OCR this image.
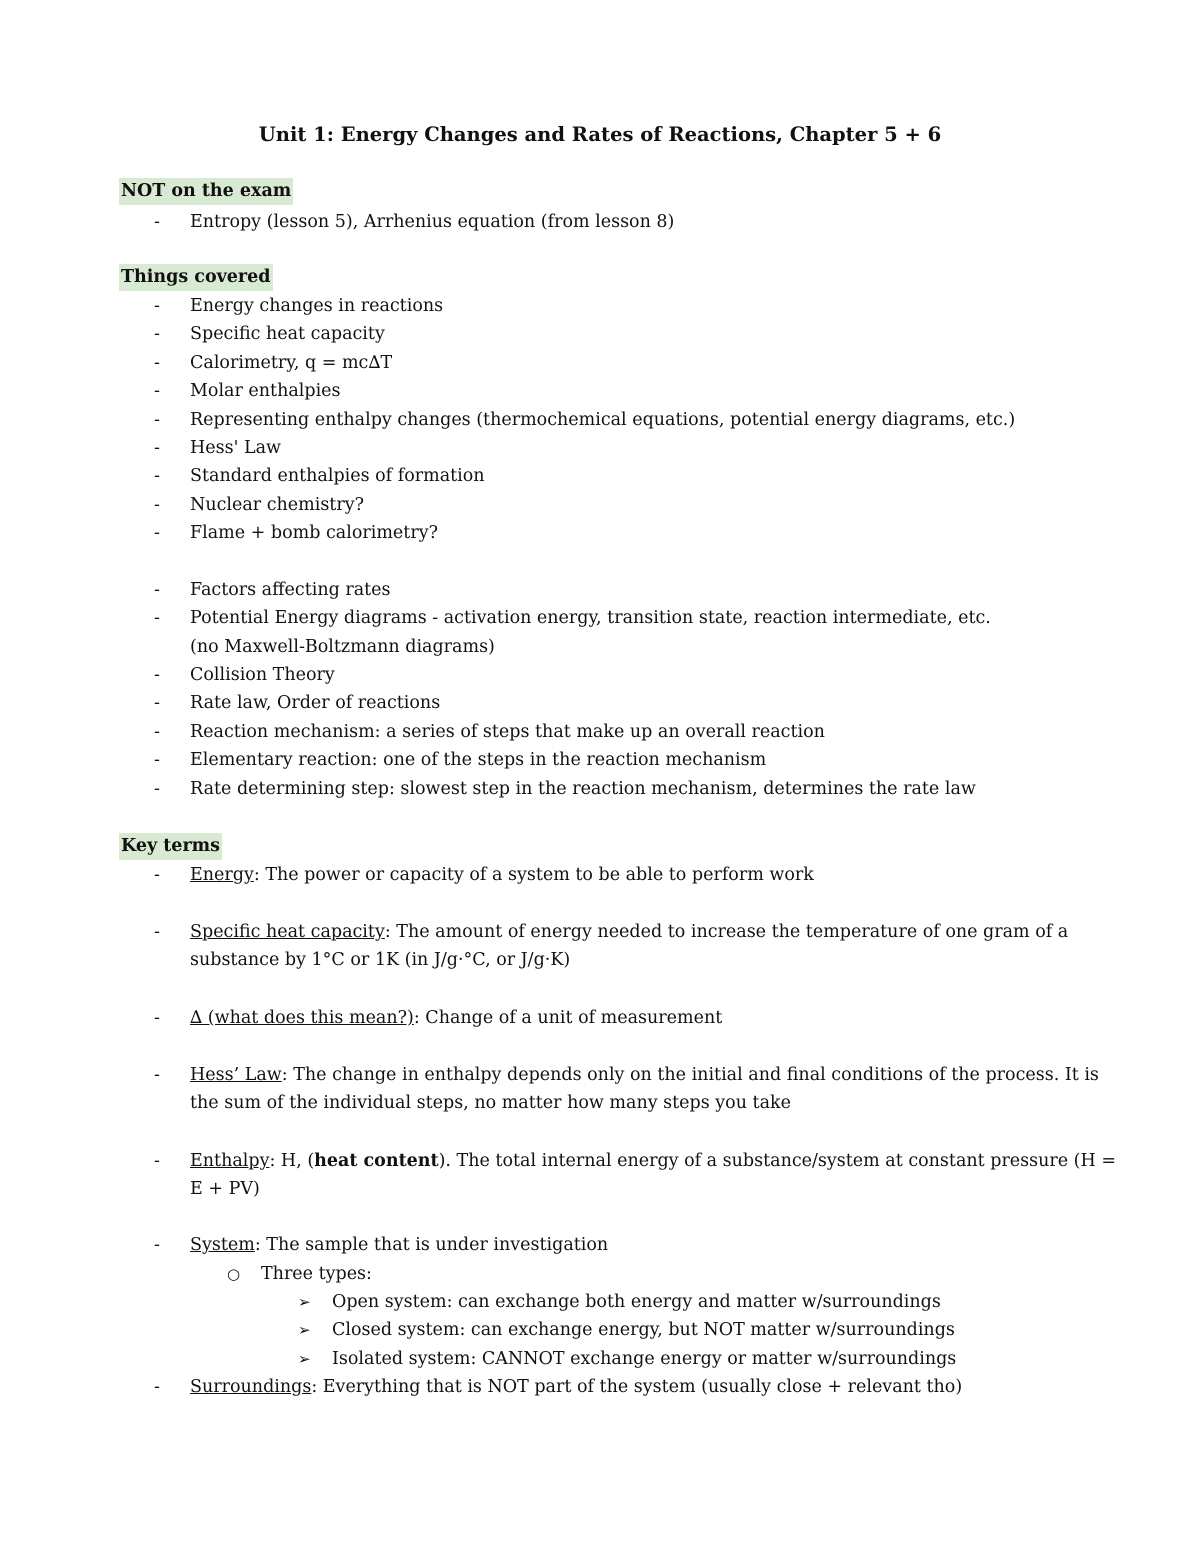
Unit 1: Energy Changes and Rates of Reactions, Chapter 5 + 6
NOT on the exam
- Entropy (lesson 5), Arrhenius equation (from lesson 8)
Things covered
- Energy changes in reactions
- Specific heat capacity
- Calorimetry, q = mc∆T
- Molar enthalpies
- Representing enthalpy changes (thermochemical equations, potential energy diagrams, etc.)
- Hess' Law
- Standard enthalpies of formation
- Nuclear chemistry?
- Flame + bomb calorimetry?
- Factors affecting rates
- Potential Energy diagrams - activation energy, transition state, reaction intermediate, etc.
(no Maxwell-Boltzmann diagrams)
- Collision Theory
- Rate law, Order of reactions
- Reaction mechanism: a series of steps that make up an overall reaction
- Elementary reaction: one of the steps in the reaction mechanism
- Rate determining step: slowest step in the reaction mechanism, determines the rate law
Key terms
- Energy: The power or capacity of a system to be able to perform work
- Specific heat capacity: The amount of energy needed to increase the temperature of one gram of a
substance by 1°C or 1K (in J/g·°C, or J/g·K)
- ∆ (what does this mean?): Change of a unit of measurement
- Hess’ Law: The change in enthalpy depends only on the initial and final conditions of the process. It is
the sum of the individual steps, no matter how many steps you take
- Enthalpy: H, (heat content). The total internal energy of a substance/system at constant pressure (H =
E + PV)
- System: The sample that is under investigation
○ Three types:
➢ Open system: can exchange both energy and matter w/surroundings
➢ Closed system: can exchange energy, but NOT matter w/surroundings
➢ Isolated system: CANNOT exchange energy or matter w/surroundings
- Surroundings: Everything that is NOT part of the system (usually close + relevant tho)
